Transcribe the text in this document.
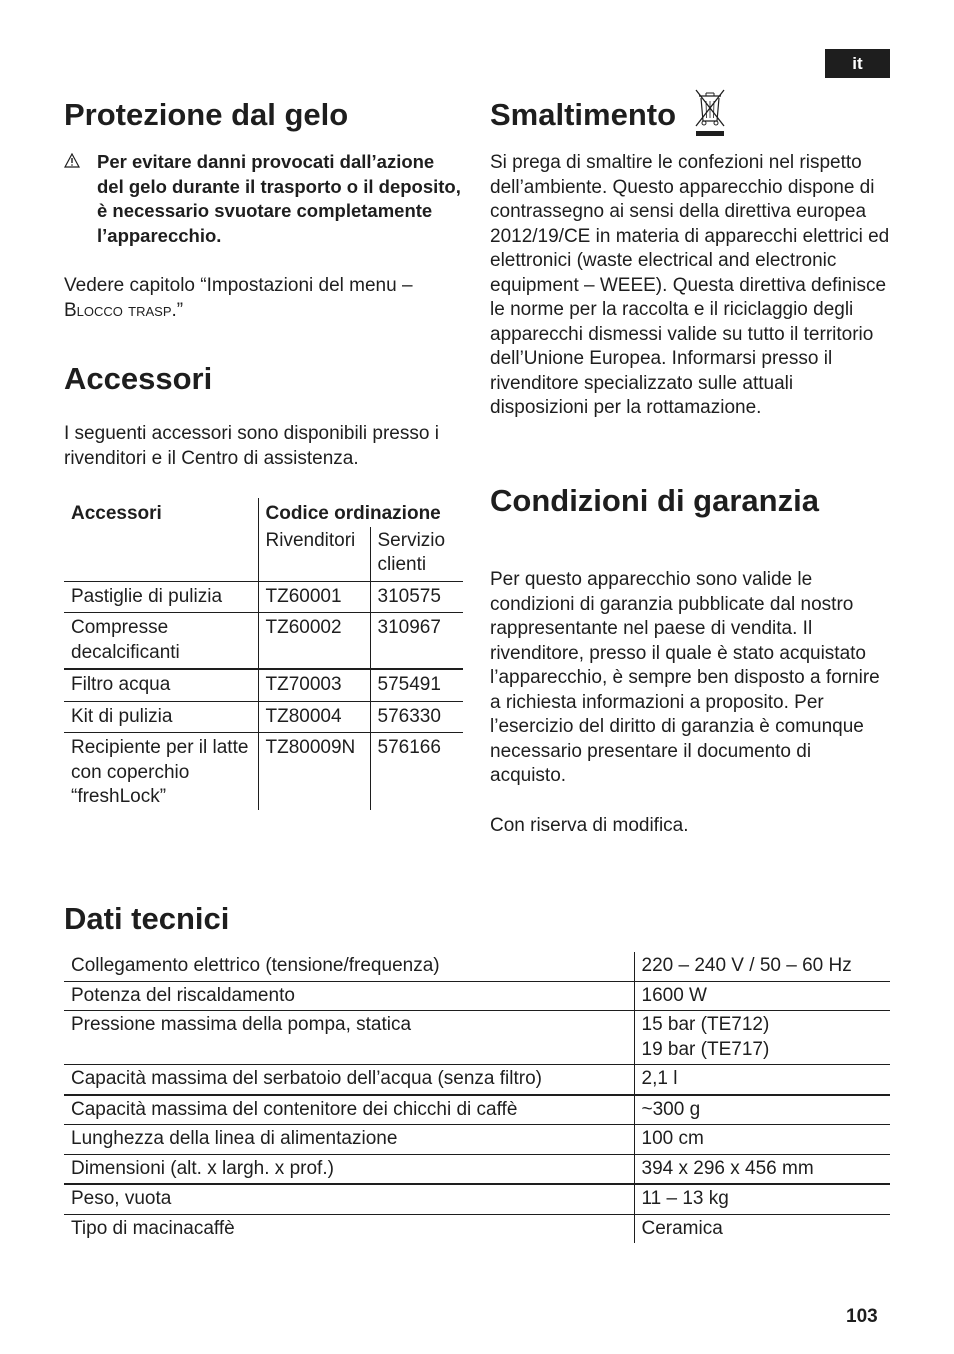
it
Protezione dal gelo

Per evitare danni provocati dall’azione del gelo durante il trasporto o il deposito, è necessario svuotare completamente l’apparecchio.

Vedere capitolo “Impostazioni del menu –
Blocco trasp.”

Accessori

I seguenti accessori sono disponibili presso i rivenditori e il Centro di assistenza.

Accessori	Codice ordinazione	
	Rivenditori	Servizio clienti
Pastiglie di pulizia	TZ60001	310575
Compresse decalcificanti	TZ60002	310967
Filtro acqua	TZ70003	575491
Kit di pulizia	TZ80004	576330
Recipiente per il latte con coperchio “freshLock”	TZ80009N	576166
Smaltimento

Si prega di smaltire le confezioni nel rispetto dell’ambiente. Questo apparecchio dispone di contrassegno ai sensi della direttiva europea 2012/19/CE in materia di apparecchi elettrici ed elettronici (waste electrical and electronic equipment – WEEE). Questa direttiva definisce le norme per la raccolta e il riciclaggio degli apparecchi dismessi valide su tutto il territorio dell’Unione Europea. Informarsi presso il rivenditore specializzato sulle attuali disposizioni per la rottamazione.

Condizioni di garanzia

Per questo apparecchio sono valide le condizioni di garanzia pubblicate dal nostro rappresentante nel paese di vendita. Il rivenditore, presso il quale è stato acquistato l’apparecchio, è sempre ben disposto a fornire a richiesta informazioni a proposito. Per l’esercizio del diritto di garanzia è comunque necessario presentare il documento di acquisto.

Con riserva di modifica.

Dati tecnici
Collegamento elettrico (tensione/frequenza)	220 – 240 V / 50 – 60 Hz
Potenza del riscaldamento	1600 W
Pressione massima della pompa, statica	15 bar (TE712)
19 bar (TE717)
Capacità massima del serbatoio dell’acqua (senza filtro)	2,1 l
Capacità massima del contenitore dei chicchi di caffè	~300 g
Lunghezza della linea di alimentazione	100 cm
Dimensioni (alt. x largh. x prof.)	394 x 296 x 456 mm
Peso, vuota	11 – 13 kg
Tipo di macinacaffè	Ceramica
103
